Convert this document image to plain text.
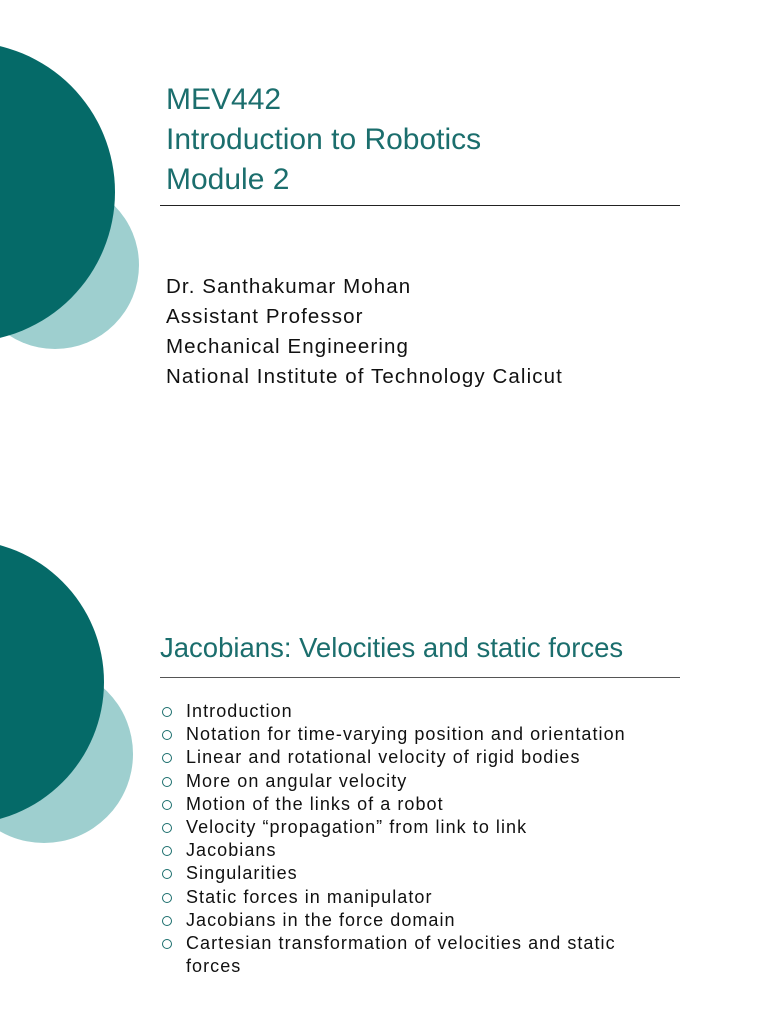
MEV442
Introduction to Robotics
Module 2
Dr. Santhakumar Mohan
Assistant Professor
Mechanical Engineering
National Institute of Technology Calicut
Jacobians: Velocities and static forces
Introduction
Notation for time-varying position and orientation
Linear and rotational velocity of rigid bodies
More on angular velocity
Motion of the links of a robot
Velocity “propagation” from link to link
Jacobians
Singularities
Static forces in manipulator
Jacobians in the force domain
Cartesian transformation of velocities and static forces
